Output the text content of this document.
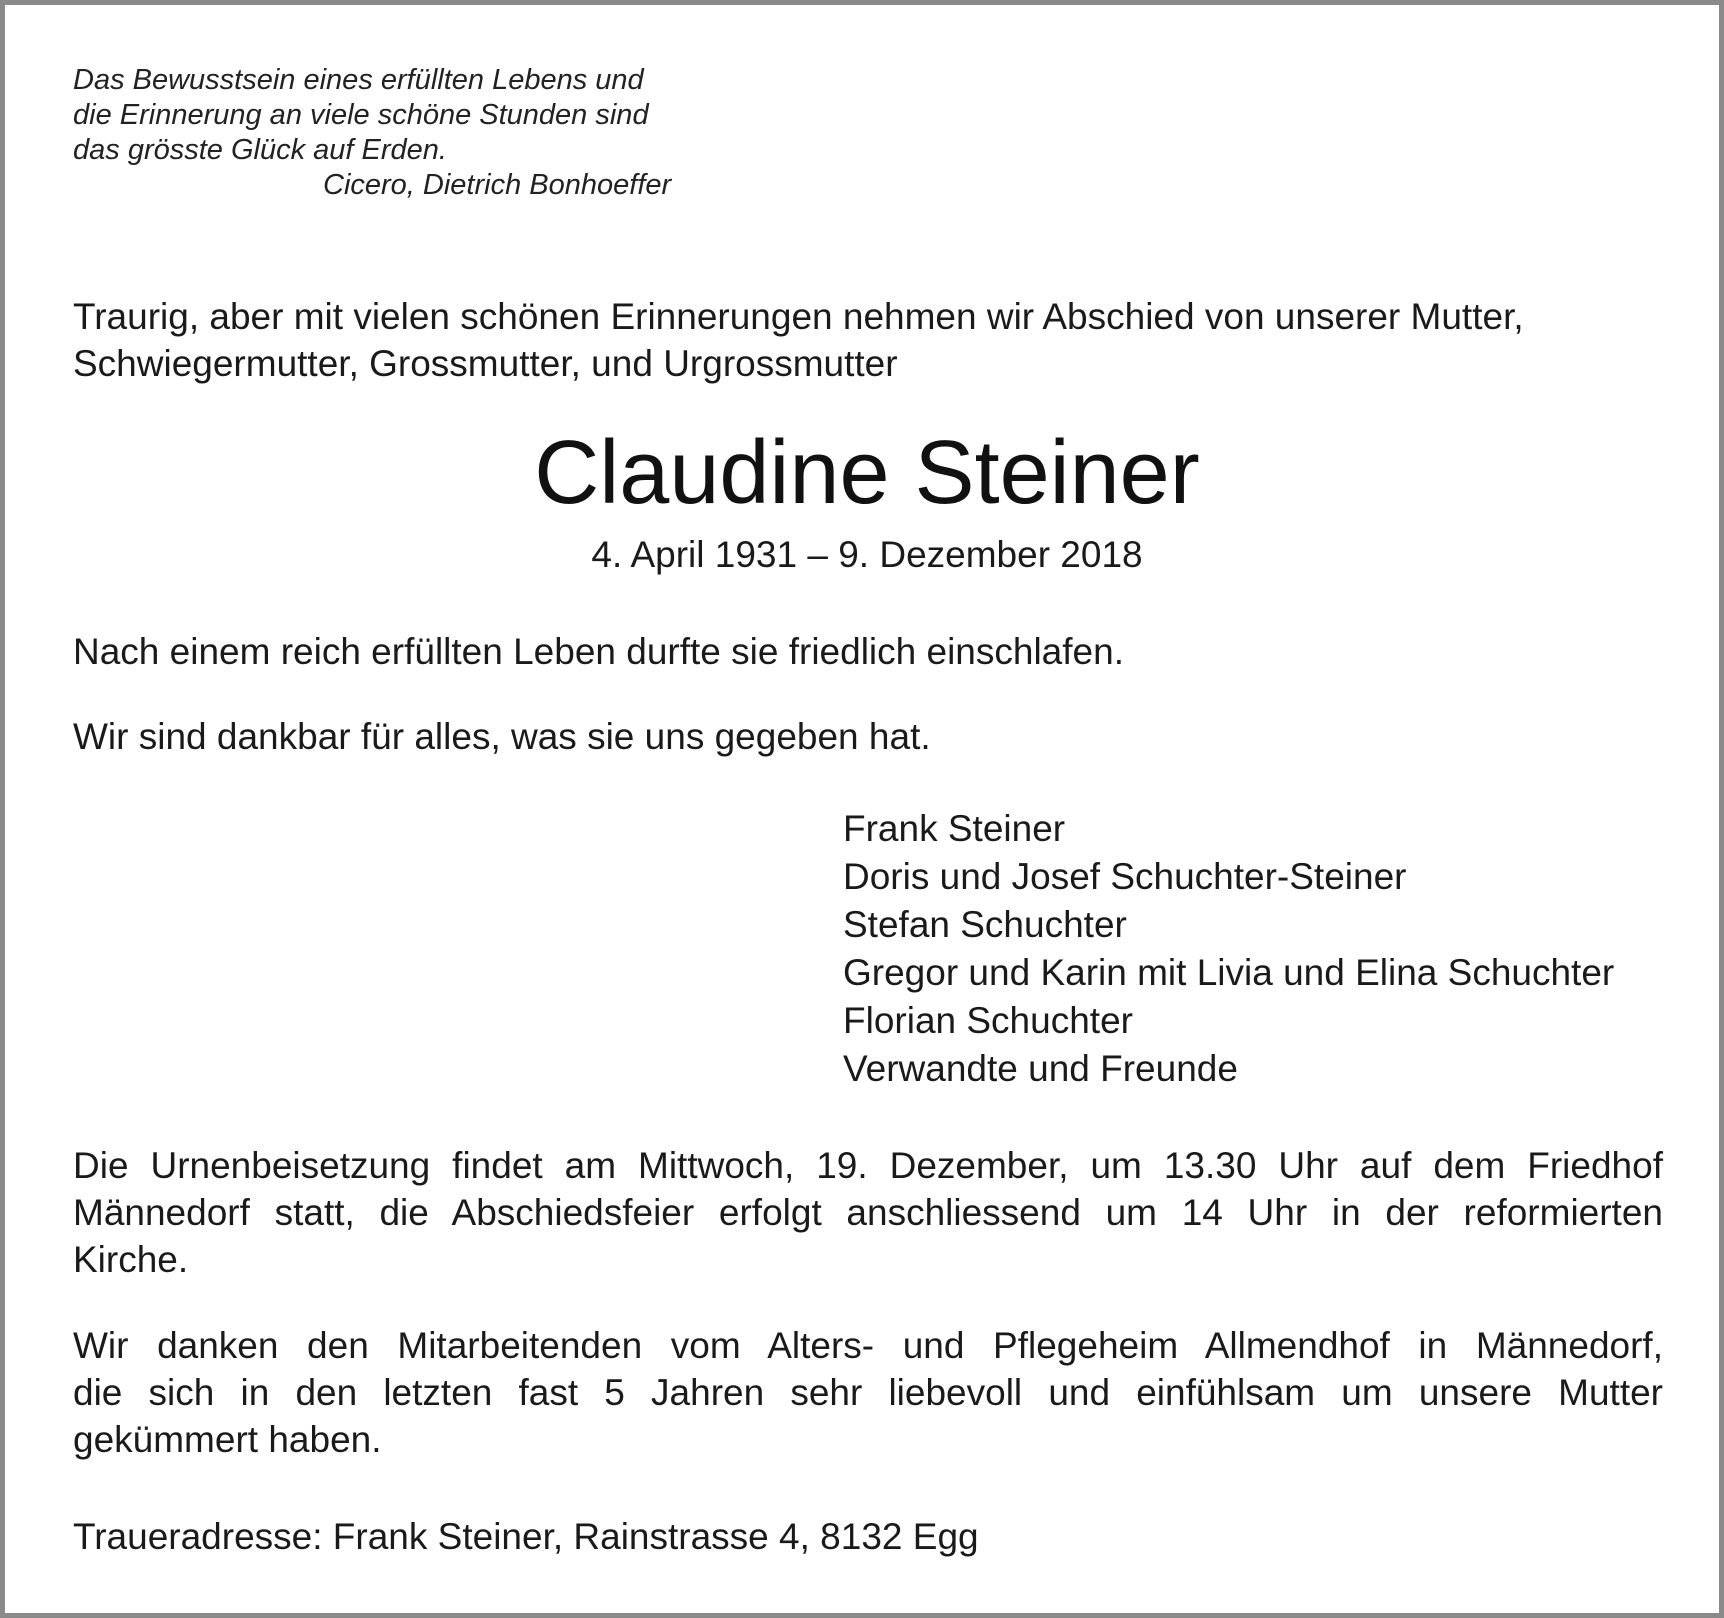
Das Bewusstsein eines erfüllten Lebens und
die Erinnerung an viele schöne Stunden sind
das grösste Glück auf Erden.
Cicero, Dietrich Bonhoeffer
Traurig, aber mit vielen schönen Erinnerungen nehmen wir Abschied von unserer Mutter,
Schwiegermutter, Grossmutter, und Urgrossmutter
Claudine Steiner
4. April 1931 – 9. Dezember 2018
Nach einem reich erfüllten Leben durfte sie friedlich einschlafen.
Wir sind dankbar für alles, was sie uns gegeben hat.
Frank Steiner
Doris und Josef Schuchter-Steiner
Stefan Schuchter
Gregor und Karin mit Livia und Elina Schuchter
Florian Schuchter
Verwandte und Freunde
Die Urnenbeisetzung findet am Mittwoch, 19. Dezember, um 13.30 Uhr auf dem Friedhof
Männedorf statt, die Abschiedsfeier erfolgt anschliessend um 14 Uhr in der reformierten
Kirche.
Wir danken den Mitarbeitenden vom Alters- und Pflegeheim Allmendhof in Männedorf,
die sich in den letzten fast 5 Jahren sehr liebevoll und einfühlsam um unsere Mutter
gekümmert haben.
Traueradresse: Frank Steiner, Rainstrasse 4, 8132 Egg
